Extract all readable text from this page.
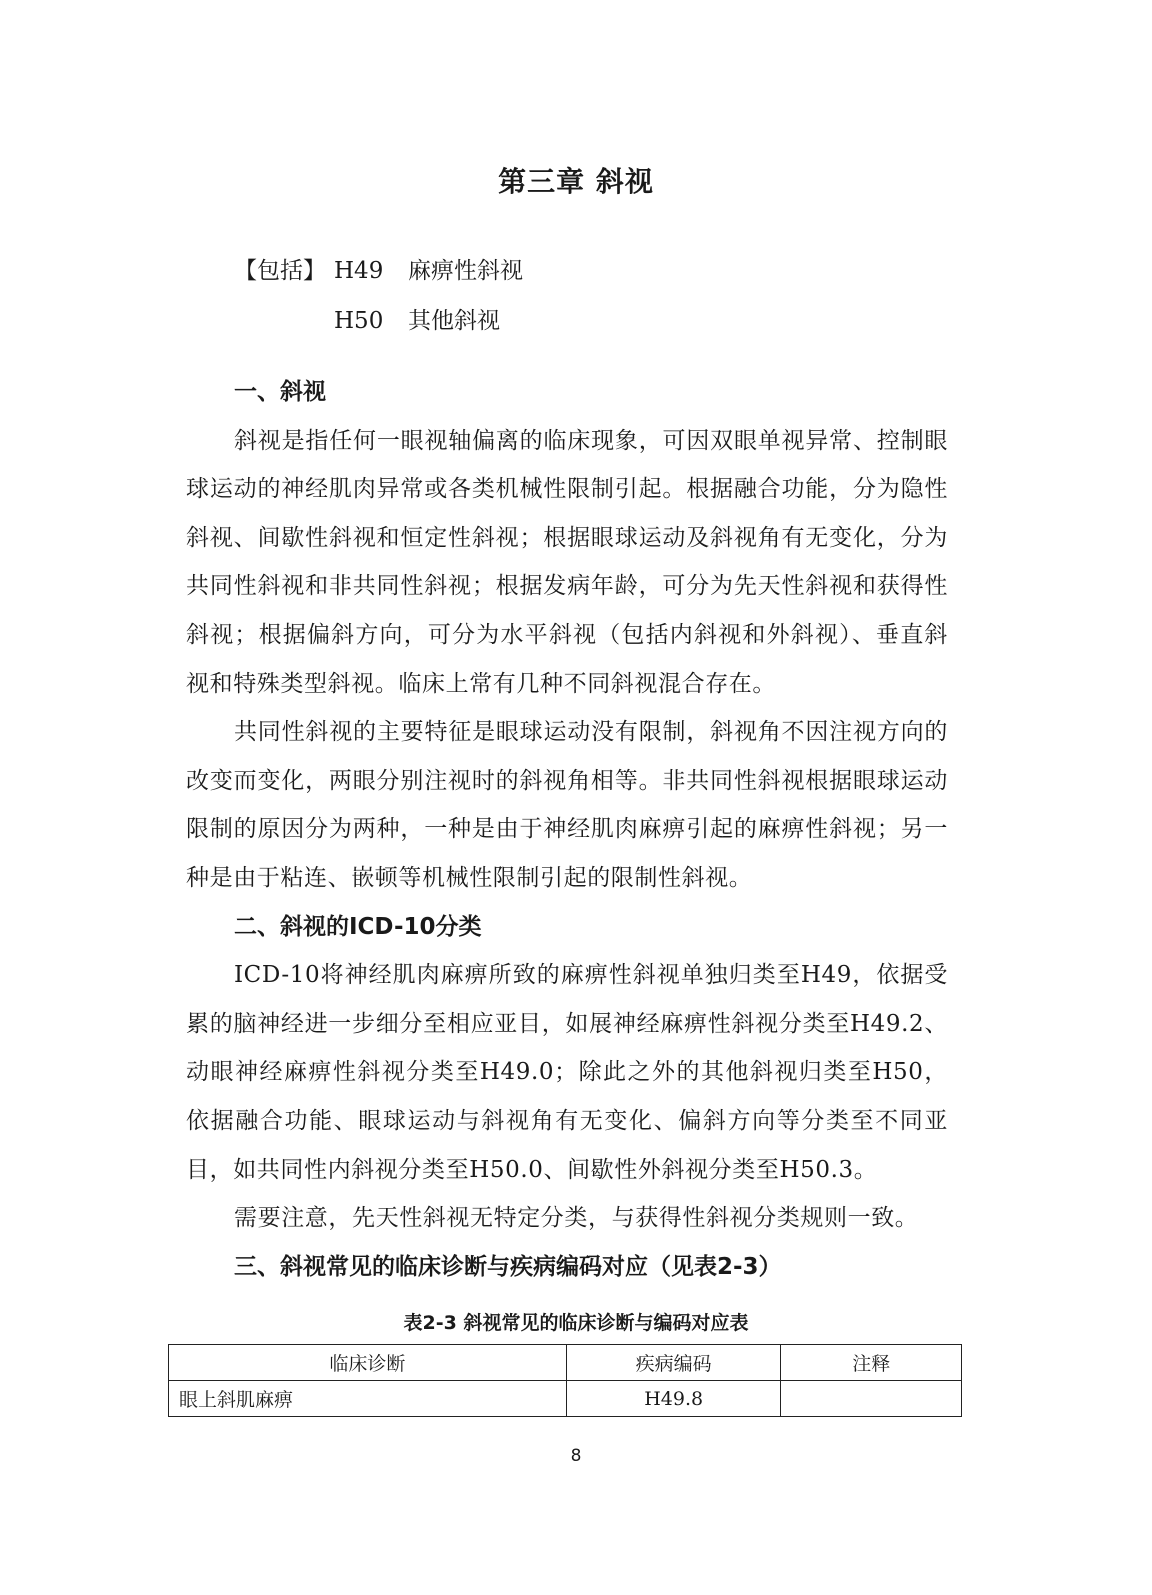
第三章 斜视
【包括】 H49	麻痹性斜视
H50	其他斜视

一、斜视

斜视是指任何一眼视轴偏离的临床现象，可因双眼单视异常、控制眼球运动的神经肌肉异常或各类机械性限制引起。根据融合功能，分为隐性斜视、间歇性斜视和恒定性斜视；根据眼球运动及斜视角有无变化，分为共同性斜视和非共同性斜视；根据发病年龄，可分为先天性斜视和获得性斜视；根据偏斜方向，可分为水平斜视（包括内斜视和外斜视）、垂直斜视和特殊类型斜视。临床上常有几种不同斜视混合存在。

共同性斜视的主要特征是眼球运动没有限制，斜视角不因注视方向的改变而变化，两眼分别注视时的斜视角相等。非共同性斜视根据眼球运动限制的原因分为两种，一种是由于神经肌肉麻痹引起的麻痹性斜视；另一种是由于粘连、嵌顿等机械性限制引起的限制性斜视。

二、斜视的ICD-10分类

ICD-10将神经肌肉麻痹所致的麻痹性斜视单独归类至H49，依据受累的脑神经进一步细分至相应亚目，如展神经麻痹性斜视分类至H49.2、动眼神经麻痹性斜视分类至H49.0；除此之外的其他斜视归类至H50，依据融合功能、眼球运动与斜视角有无变化、偏斜方向等分类至不同亚目，如共同性内斜视分类至H50.0、间歇性外斜视分类至H50.3。

需要注意，先天性斜视无特定分类，与获得性斜视分类规则一致。

三、斜视常见的临床诊断与疾病编码对应（见表2-3）

表2-3 斜视常见的临床诊断与编码对应表
临床诊断	疾病编码	注释
眼上斜肌麻痹	H49.8	
8
